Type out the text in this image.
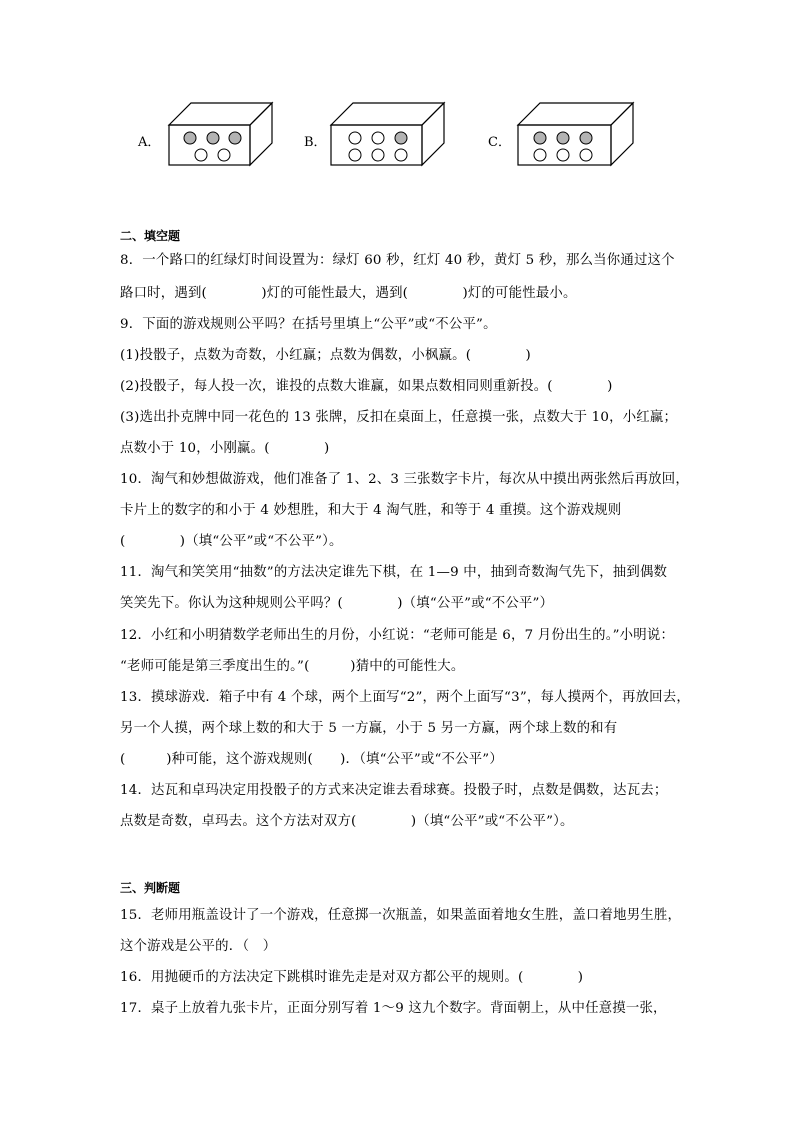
A．	B．	C．
二、填空题
8．一个路口的红绿灯时间设置为：绿灯 60 秒，红灯 40 秒，黄灯 5 秒，那么当你通过这个
路口时，遇到(　　　　)灯的可能性最大，遇到(　　　　)灯的可能性最小。
9．下面的游戏规则公平吗？在括号里填上“公平”或“不公平”。
(1)投骰子，点数为奇数，小红赢；点数为偶数，小枫赢。(　　　　)
(2)投骰子，每人投一次，谁投的点数大谁赢，如果点数相同则重新投。(　　　　)
(3)选出扑克牌中同一花色的 13 张牌，反扣在桌面上，任意摸一张，点数大于 10，小红赢；
点数小于 10，小刚赢。(　　　　)
10．淘气和妙想做游戏，他们准备了 1、2、3 三张数字卡片，每次从中摸出两张然后再放回，
卡片上的数字的和小于 4 妙想胜，和大于 4 淘气胜，和等于 4 重摸。这个游戏规则
(　　　　)（填“公平”或“不公平”）。
11．淘气和笑笑用“抽数”的方法决定谁先下棋，在 1—9 中，抽到奇数淘气先下，抽到偶数
笑笑先下。你认为这种规则公平吗？(　　　　)（填“公平”或“不公平”）
12．小红和小明猜数学老师出生的月份，小红说：“老师可能是 6，7 月份出生的。”小明说：
“老师可能是第三季度出生的。”(　　　)猜中的可能性大。
13．摸球游戏．箱子中有 4 个球，两个上面写“2”，两个上面写“3”，每人摸两个，再放回去，
另一个人摸，两个球上数的和大于 5 一方赢，小于 5 另一方赢，两个球上数的和有
(　　　)种可能，这个游戏规则(　　)．（填“公平”或“不公平”）
14．达瓦和卓玛决定用投骰子的方式来决定谁去看球赛。投骰子时，点数是偶数，达瓦去；
点数是奇数，卓玛去。这个方法对双方(　　　　)（填“公平”或“不公平”）。
三、判断题
15．老师用瓶盖设计了一个游戏，任意掷一次瓶盖，如果盖面着地女生胜，盖口着地男生胜，
这个游戏是公平的．（　）
16．用抛硬币的方法决定下跳棋时谁先走是对双方都公平的规则。(　　　　)
17．桌子上放着九张卡片，正面分别写着 1～9 这九个数字。背面朝上，从中任意摸一张，
